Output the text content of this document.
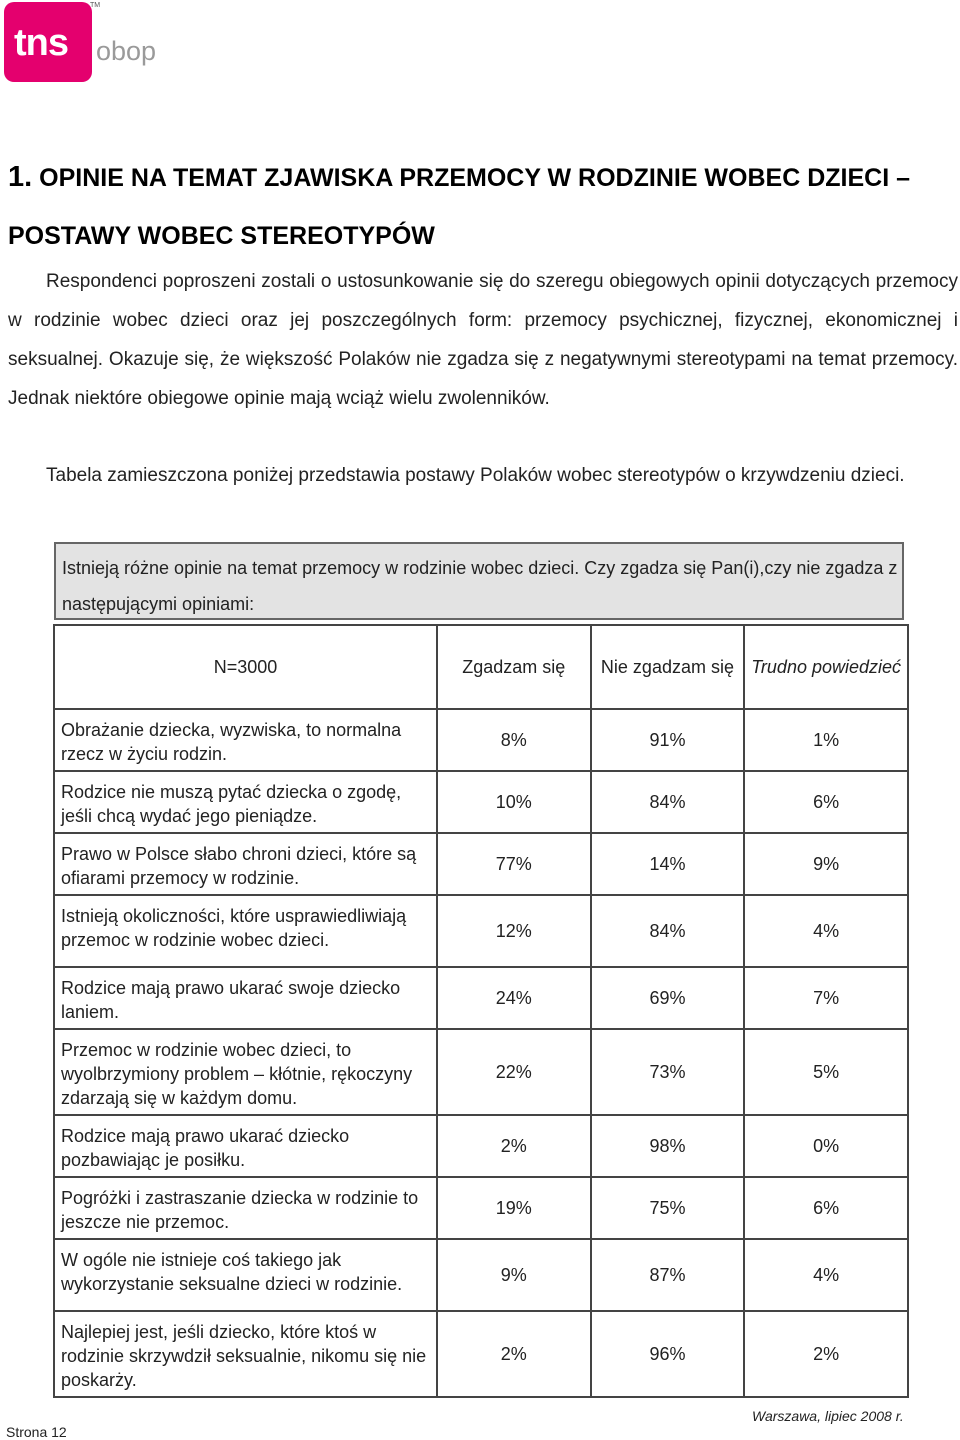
tns
TM
obop
1. OPINIE NA TEMAT ZJAWISKA PRZEMOCY W RODZINIE WOBEC DZIECI – POSTAWY WOBEC STEREOTYPÓW

Respondenci poproszeni zostali o ustosunkowanie się do szeregu obiegowych opinii dotyczących przemocy w rodzinie wobec dzieci oraz jej poszczególnych form: przemocy psychicznej, fizycznej, ekonomicznej i seksualnej. Okazuje się, że większość Polaków nie zgadza się z negatywnymi stereotypami na temat przemocy. Jednak niektóre obiegowe opinie mają wciąż wielu zwolenników.

Tabela zamieszczona poniżej przedstawia postawy Polaków wobec stereotypów o krzywdzeniu dzieci.

Istnieją różne opinie na temat przemocy w rodzinie wobec dzieci. Czy zgadza się Pan(i),czy nie zgadza z następującymi opiniami:
N=3000	Zgadzam się	Nie zgadzam się	Trudno powiedzieć

Obrażanie dziecka, wyzwiska, to normalna rzecz w życiu rodzin.	8%	91%	1%

Rodzice nie muszą pytać dziecka o zgodę, jeśli chcą wydać jego pieniądze.	10%	84%	6%

Prawo w Polsce słabo chroni dzieci, które są ofiarami przemocy w rodzinie.	77%	14%	9%

Istnieją okoliczności, które usprawiedliwiają przemoc w rodzinie wobec dzieci.	12%	84%	4%

Rodzice mają prawo ukarać swoje dziecko laniem.	24%	69%	7%

Przemoc w rodzinie wobec dzieci, to wyolbrzymiony problem – kłótnie, rękoczyny zdarzają się w każdym domu.	22%	73%	5%

Rodzice mają prawo ukarać dziecko pozbawiając je posiłku.	2%	98%	0%

Pogróżki i zastraszanie dziecka w rodzinie to jeszcze nie przemoc.	19%	75%	6%

W ogóle nie istnieje coś takiego jak wykorzystanie seksualne dzieci w rodzinie.	9%	87%	4%

Najlepiej jest, jeśli dziecko, które ktoś w rodzinie skrzywdził seksualnie, nikomu się nie poskarży.	2%	96%	2%
Strona 12
Warszawa, lipiec 2008 r.
